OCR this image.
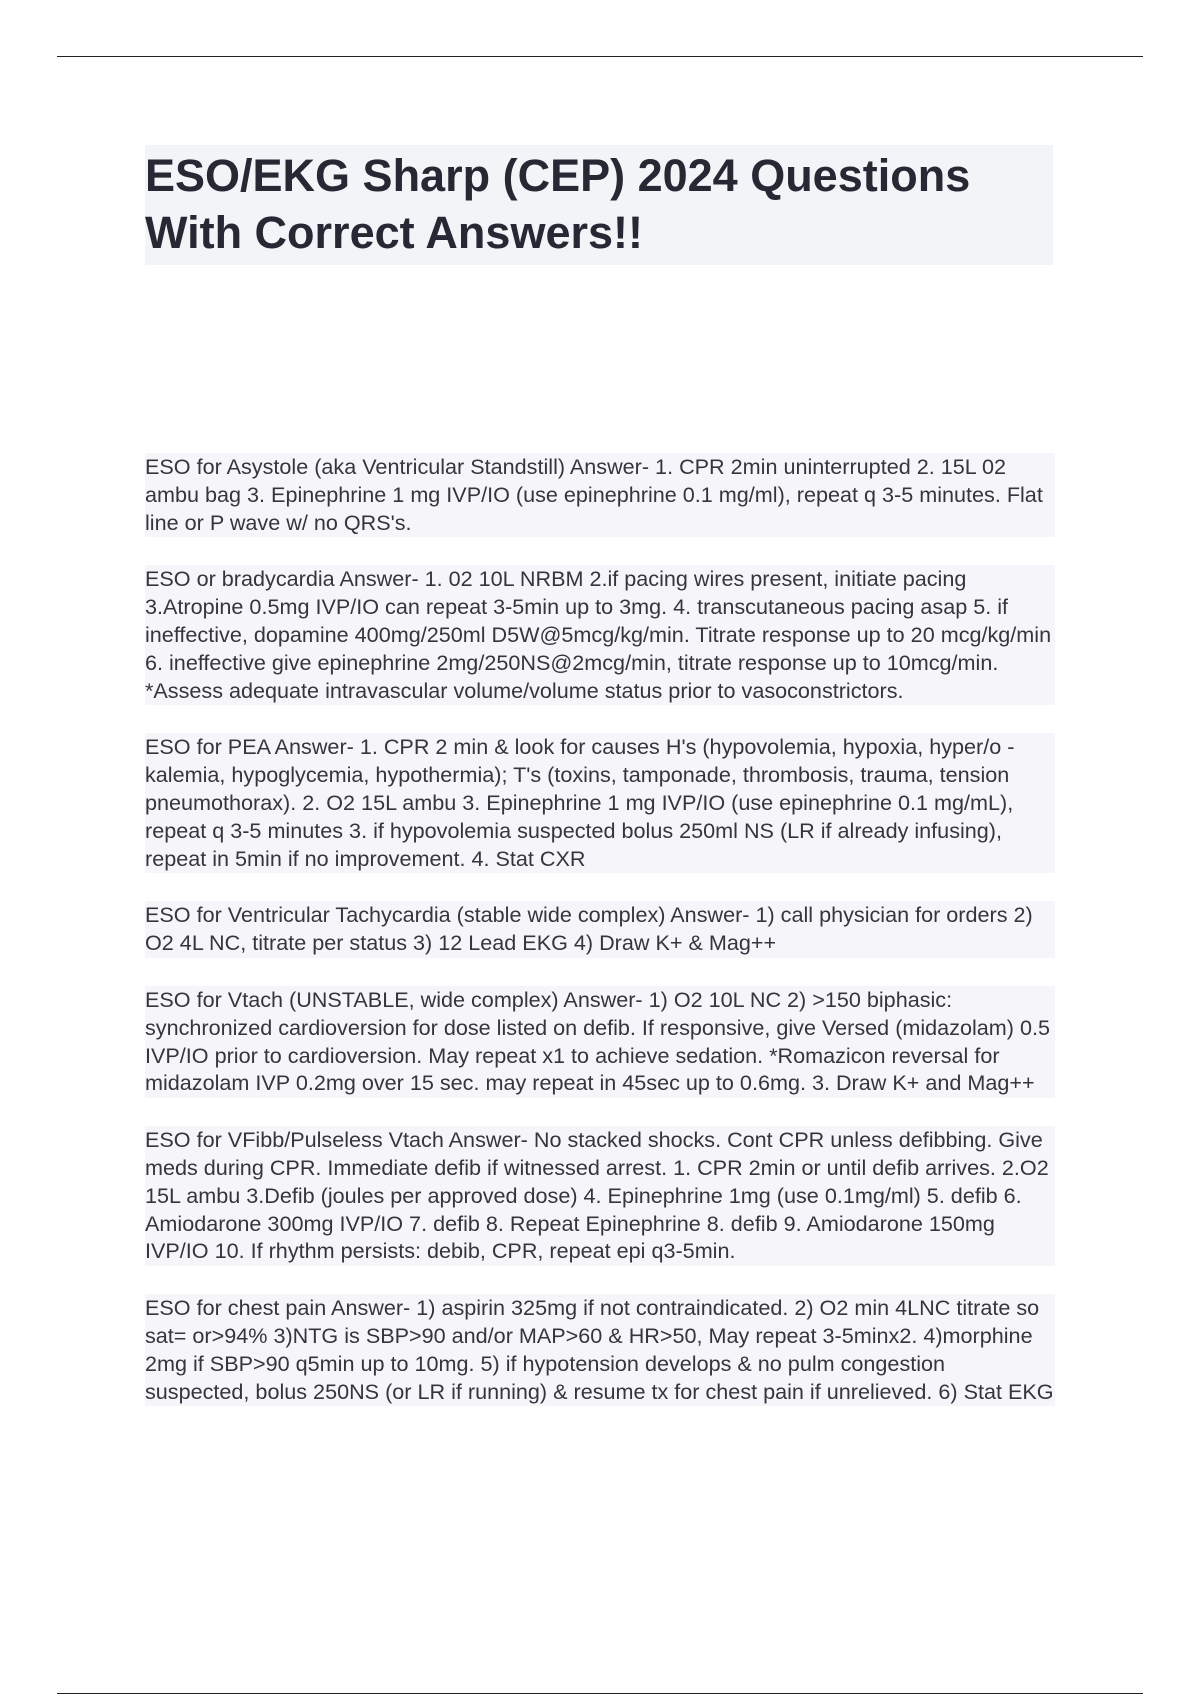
ESO/EKG Sharp (CEP) 2024 Questions With Correct Answers!!

ESO for Asystole (aka Ventricular Standstill) Answer- 1. CPR 2min uninterrupted 2. 15L 02 ambu bag 3. Epinephrine 1 mg IVP/IO (use epinephrine 0.1 mg/ml), repeat q 3-5 minutes. Flat line or P wave w/ no QRS's.

ESO or bradycardia Answer- 1. 02 10L NRBM 2.if pacing wires present, initiate pacing 3.Atropine 0.5mg IVP/IO can repeat 3-5min up to 3mg. 4. transcutaneous pacing asap 5. if ineffective, dopamine 400mg/250ml D5W@5mcg/kg/min. Titrate response up to 20 mcg/kg/min 6. ineffective give epinephrine 2mg/250NS@2mcg/min, titrate response up to 10mcg/min. *Assess adequate intravascular volume/volume status prior to vasoconstrictors.

ESO for PEA Answer- 1. CPR 2 min & look for causes H's (hypovolemia, hypoxia, hyper/o -kalemia, hypoglycemia, hypothermia); T's (toxins, tamponade, thrombosis, trauma, tension pneumothorax). 2. O2 15L ambu 3. Epinephrine 1 mg IVP/IO (use epinephrine 0.1 mg/mL), repeat q 3-5 minutes 3. if hypovolemia suspected bolus 250ml NS (LR if already infusing), repeat in 5min if no improvement. 4. Stat CXR

ESO for Ventricular Tachycardia (stable wide complex) Answer- 1) call physician for orders 2) O2 4L NC, titrate per status 3) 12 Lead EKG 4) Draw K+ & Mag++

ESO for Vtach (UNSTABLE, wide complex) Answer- 1) O2 10L NC 2) >150 biphasic: synchronized cardioversion for dose listed on defib. If responsive, give Versed (midazolam) 0.5 IVP/IO prior to cardioversion. May repeat x1 to achieve sedation. *Romazicon reversal for midazolam IVP 0.2mg over 15 sec. may repeat in 45sec up to 0.6mg. 3. Draw K+ and Mag++

ESO for VFibb/Pulseless Vtach Answer- No stacked shocks. Cont CPR unless defibbing. Give meds during CPR. Immediate defib if witnessed arrest. 1. CPR 2min or until defib arrives. 2.O2 15L ambu 3.Defib (joules per approved dose) 4. Epinephrine 1mg (use 0.1mg/ml) 5. defib 6. Amiodarone 300mg IVP/IO 7. defib 8. Repeat Epinephrine 8. defib 9. Amiodarone 150mg IVP/IO 10. If rhythm persists: debib, CPR, repeat epi q3-5min.

ESO for chest pain Answer- 1) aspirin 325mg if not contraindicated. 2) O2 min 4LNC titrate so sat= or>94% 3)NTG is SBP>90 and/or MAP>60 & HR>50, May repeat 3-5minx2. 4)morphine 2mg if SBP>90 q5min up to 10mg. 5) if hypotension develops & no pulm congestion suspected, bolus 250NS (or LR if running) & resume tx for chest pain if unrelieved. 6) Stat EKG
